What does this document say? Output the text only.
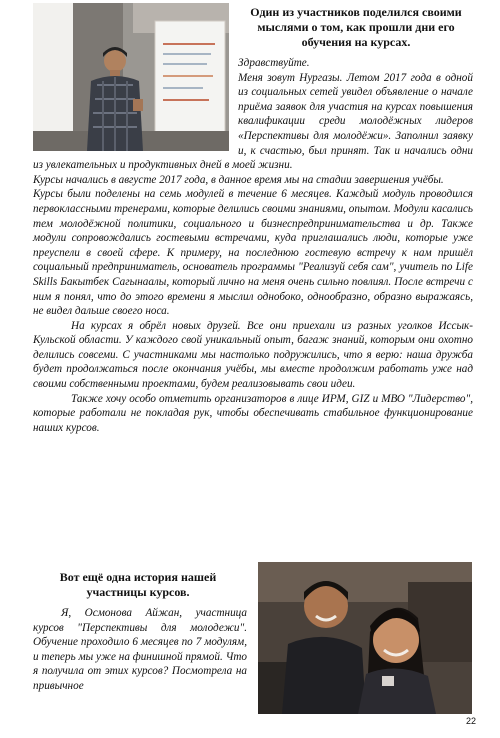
Один из участников поделился своими мыслями о том, как прошли дни его обучения на курсах.

Здравствуйте.

Меня зовут Нургазы. Летом 2017 года в одной из социальных сетей увидел объявление о начале приёма заявок для участия на курсах повышения квалификации среди молодёжных лидеров «Перспективы для молодёжи». Заполнил заявку и, к счастью, был принят. Так и начались одни из увлекательных и продуктивных дней в моей жизни.

Курсы начались в августе 2017 года, в данное время мы на стадии завершения учёбы.

Курсы были поделены на семь модулей в течение 6 месяцев. Каждый модуль проводился первоклассными тренерами, которые делились своими знаниями, опытом. Модули касались тем молодёжной политики, социального и бизнеспредпринимательства и др. Также модули сопровождались гостевыми встречами, куда приглашались люди, которые уже преуспели в своей сфере. К примеру, на последнюю гостевую встречу к нам пришёл социальный предприниматель, основатель программы "Реализуй себя сам", учитель по Life Skills Бакытбек Сагынаалы, который лично на меня очень сильно повлиял. После встречи с ним я понял, что до этого времени я мыслил однобоко, однообразно, образно выражаясь, не видел дальше своего носа.

На курсах я обрёл новых друзей. Все они приехали из разных уголков Иссык-Кульской области. У каждого свой уникальный опыт, багаж знаний, которым они охотно делились совсеми. С участниками мы настолько подружились, что я верю: наша дружба будет продолжаться после окончания учёбы, мы вместе продолжим работать уже над своими собственными проектами, будем реализовывать свои идеи.

Также хочу особо отметить организаторов в лице ИРМ, GIZ и МВО "Лидерство", которые работали не покладая рук, чтобы обеспечивать стабильное функционирование наших курсов.

Вот ещё одна история нашей участницы курсов.

Я, Осмонова Айжан, участница курсов "Перспективы для молодежи". Обучение проходило 6 месяцев по 7 модулям, и теперь мы уже на финишной прямой. Что я получила от этих курсов? Посмотрела на привычное

22
